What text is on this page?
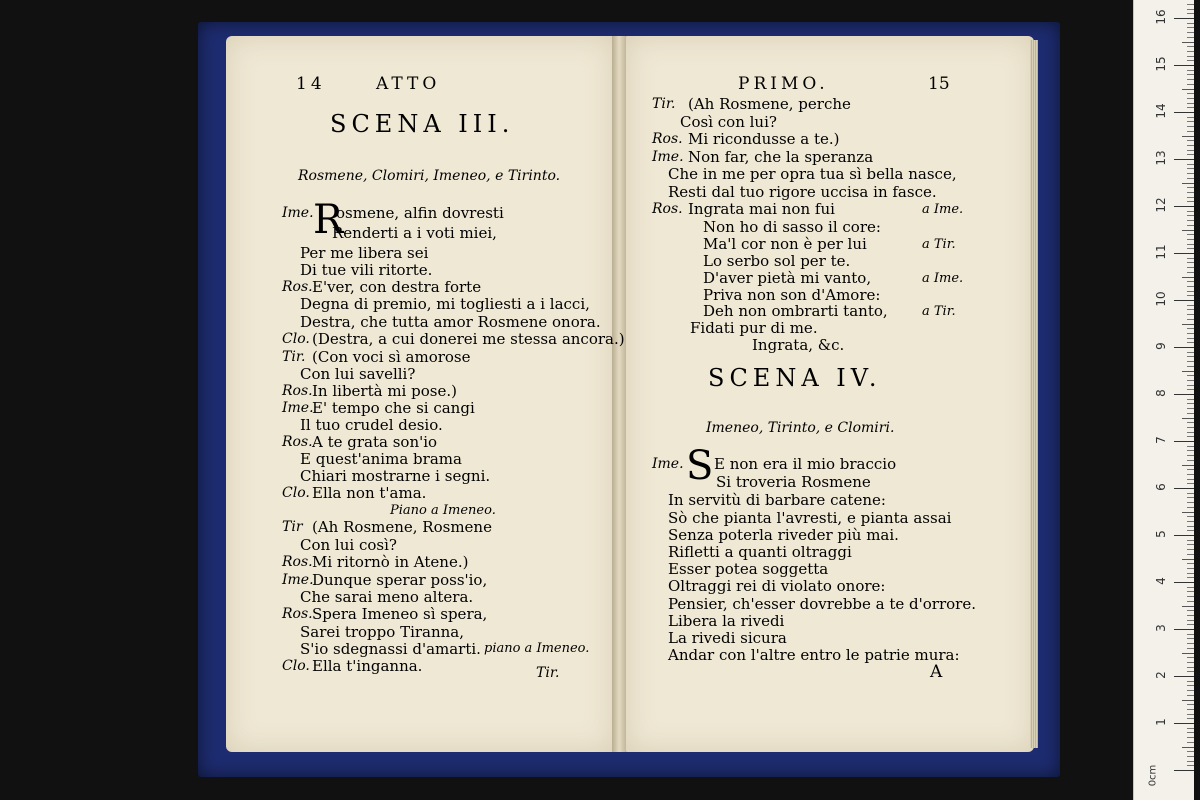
14	ATTO
SCENA III.
Rosmene, Clomiri, Imeneo, e Tirinto.
R
Ime. osmene, alfin dovresti
Renderti a i voti miei,
Per me libera sei
Di tue vili ritorte.
Ros. E'ver, con destra forte
Degna di premio, mi togliesti a i lacci,
Destra, che tutta amor Rosmene onora.
Clo. (Destra, a cui donerei me stessa ancora.)
Tir. (Con voci sì amorose
Con lui savelli?
Ros. In libertà mi pose.)
Ime.
E' tempo che si cangi
Il tuo crudel desio.
Ros. A te grata son'io
E quest'anima brama
Chiari mostrarne i segni.
Clo. Ella non t'ama.
Piano a Imeneo.
Tir (Ah Rosmene, Rosmene
Con lui così?
Ros. Mi ritornò in Atene.)
Ime.
Dunque sperar poss'io,
Che sarai meno altera.
Ros. Spera Imeneo sì spera,
Sarei troppo Tiranna,
S'io sdegnassi d'amarti.
Clo. Ella t'inganna.
piano a Imeneo.
Tir.
PRIMO.	15
Tir. (Ah Rosmene, perche
Così con lui?
Ros. Mi ricondusse a te.)
Ime. Non far, che la speranza
Che in me per opra tua sì bella nasce,
Resti dal tuo rigore uccisa in fasce.
Ros. Ingrata mai non fui	a Ime.
Non ho di sasso il core:
Ma'l cor non è per lui	a Tir.
Lo serbo sol per te.
D'aver pietà mi vanto,	a Ime.
Priva non son d'Amore:
Deh non ombrarti tanto,	a Tir.
Fidati pur di me.
Ingrata, &c.
SCENA IV.
Imeneo, Tirinto, e Clomiri.
S
Ime. E non era il mio braccio
Si troveria Rosmene
In servitù di barbare catene:
Sò che pianta l'avresti, e pianta assai
Senza poterla riveder più mai.
Rifletti a quanti oltraggi
Esser potea soggetta
Oltraggi rei di violato onore:
Pensier, ch'esser dovrebbe a te d'orrore.
Libera la rivedi
La rivedi sicura
Andar con l'altre entro le patrie mura:
A
1
2
3
4
5
6
7
8
9
10
11
12
13
14
15
16
0cm
